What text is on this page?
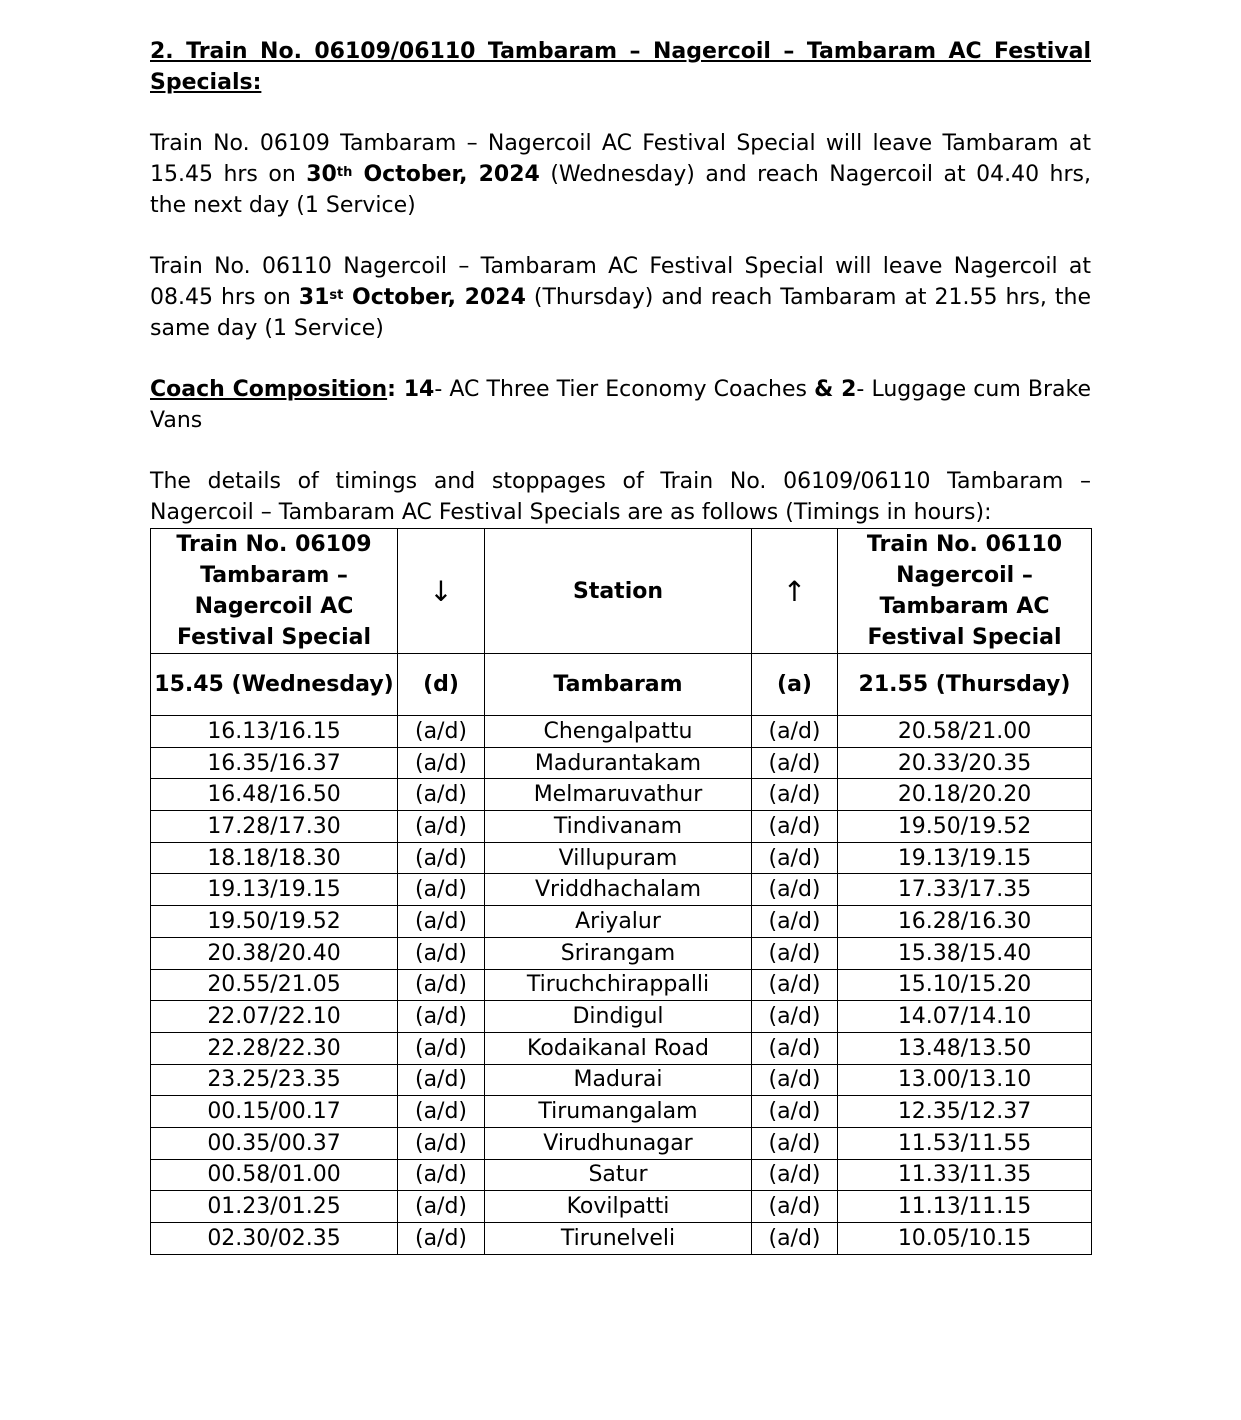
2. Train No. 06109/06110 Tambaram – Nagercoil – Tambaram AC Festival Specials:

Train No. 06109 Tambaram – Nagercoil AC Festival Special will leave Tambaram at 15.45 hrs on 30th October, 2024 (Wednesday) and reach Nagercoil at 04.40 hrs, the next day (1 Service)

Train No. 06110 Nagercoil – Tambaram AC Festival Special will leave Nagercoil at 08.45 hrs on 31st October, 2024 (Thursday) and reach Tambaram at 21.55 hrs, the same day (1 Service)

Coach Composition: 14- AC Three Tier Economy Coaches & 2- Luggage cum Brake Vans

The details of timings and stoppages of Train No. 06109/06110 Tambaram – Nagercoil – Tambaram AC Festival Specials are as follows (Timings in hours):

Train No. 06109 Tambaram – Nagercoil AC Festival Special	↓	Station	↑	Train No. 06110 Nagercoil – Tambaram AC Festival Special
15.45 (Wednesday)	(d)	Tambaram	(a)	21.55 (Thursday)
16.13/16.15	(a/d)	Chengalpattu	(a/d)	20.58/21.00
16.35/16.37	(a/d)	Madurantakam	(a/d)	20.33/20.35
16.48/16.50	(a/d)	Melmaruvathur	(a/d)	20.18/20.20
17.28/17.30	(a/d)	Tindivanam	(a/d)	19.50/19.52
18.18/18.30	(a/d)	Villupuram	(a/d)	19.13/19.15
19.13/19.15	(a/d)	Vriddhachalam	(a/d)	17.33/17.35
19.50/19.52	(a/d)	Ariyalur	(a/d)	16.28/16.30
20.38/20.40	(a/d)	Srirangam	(a/d)	15.38/15.40
20.55/21.05	(a/d)	Tiruchchirappalli	(a/d)	15.10/15.20
22.07/22.10	(a/d)	Dindigul	(a/d)	14.07/14.10
22.28/22.30	(a/d)	Kodaikanal Road	(a/d)	13.48/13.50
23.25/23.35	(a/d)	Madurai	(a/d)	13.00/13.10
00.15/00.17	(a/d)	Tirumangalam	(a/d)	12.35/12.37
00.35/00.37	(a/d)	Virudhunagar	(a/d)	11.53/11.55
00.58/01.00	(a/d)	Satur	(a/d)	11.33/11.35
01.23/01.25	(a/d)	Kovilpatti	(a/d)	11.13/11.15
02.30/02.35	(a/d)	Tirunelveli	(a/d)	10.05/10.15
